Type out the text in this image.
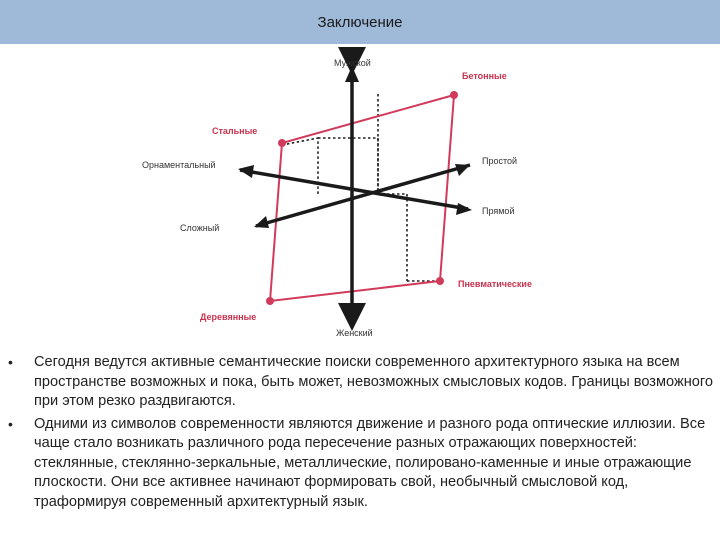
Заключение
Мужской
Женский
Орнаментальный	Простой
Сложный
Прямой
Бетонные
Стальные
Пневматические
Деревянные
• Сегодня ведутся активные семантические поиски современного архитектурного языка на всем пространстве возможных и пока, быть может, невозможных смысловых кодов. Границы возможного при этом резко раздвигаются.
• Одними из символов современности являются движение и разного рода оптические иллюзии. Все чаще стало возникать различного рода пересечение разных отражающих поверхностей: стеклянные, стеклянно-зеркальные, металлические, полировано-каменные и иные отражающие плоскости. Они все активнее начинают формировать свой, необычный смысловой код, траформируя современный архитектурный язык.
